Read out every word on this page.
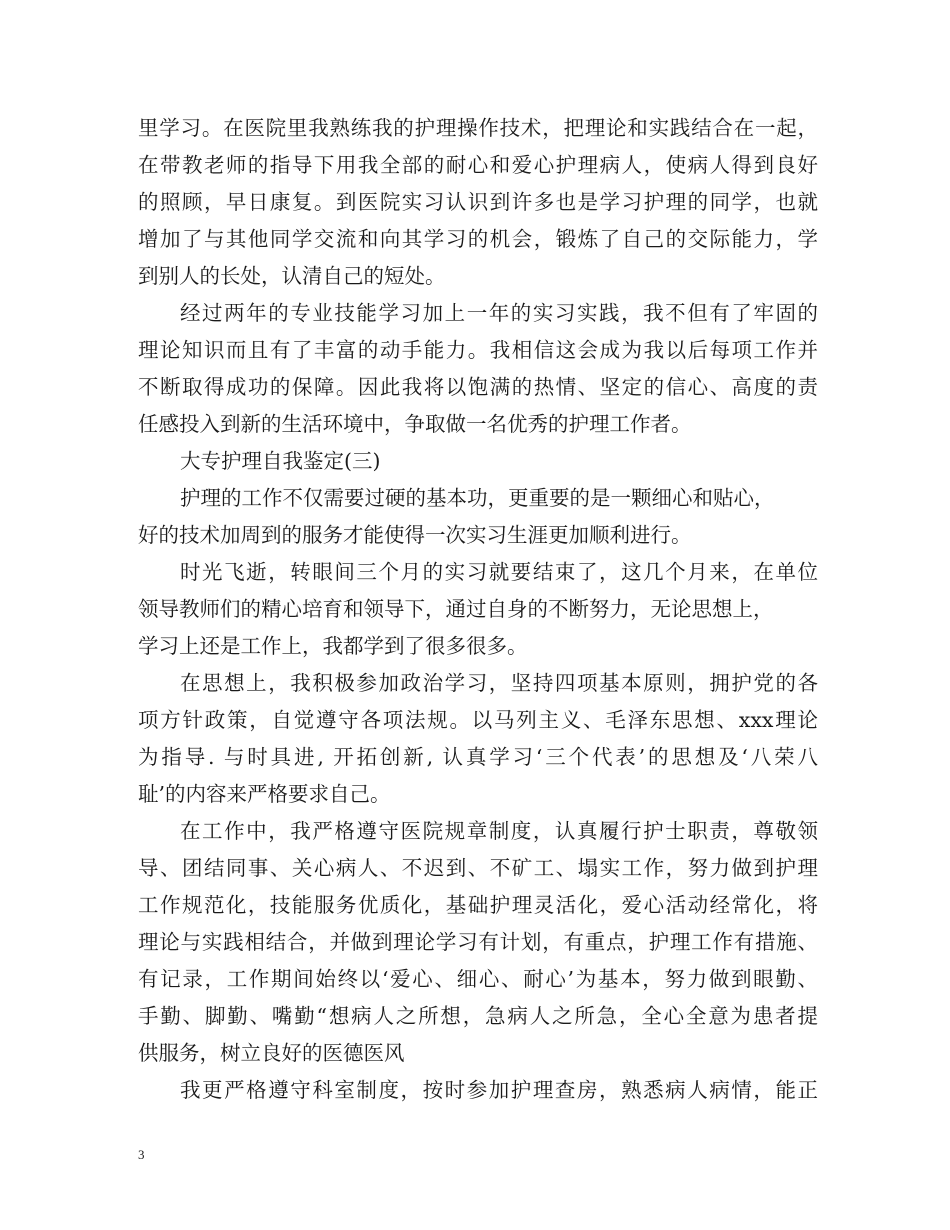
里学习。在医院里我熟练我的护理操作技术，把理论和实践结合在一起，
在带教老师的指导下用我全部的耐心和爱心护理病人，使病人得到良好
的照顾，早日康复。到医院实习认识到许多也是学习护理的同学，也就
增加了与其他同学交流和向其学习的机会，锻炼了自己的交际能力，学
到别人的长处，认清自己的短处。
经过两年的专业技能学习加上一年的实习实践，我不但有了牢固的
理论知识而且有了丰富的动手能力。我相信这会成为我以后每项工作并
不断取得成功的保障。因此我将以饱满的热情、坚定的信心、高度的责
任感投入到新的生活环境中，争取做一名优秀的护理工作者。
大专护理自我鉴定(三)
护理的工作不仅需要过硬的基本功，更重要的是一颗细心和贴心，
好的技术加周到的服务才能使得一次实习生涯更加顺利进行。
时光飞逝，转眼间三个月的实习就要结束了，这几个月来，在单位
领导教师们的精心培育和领导下，通过自身的不断努力，无论思想上，
学习上还是工作上，我都学到了很多很多。
在思想上，我积极参加政治学习，坚持四项基本原则，拥护党的各
项方针政策，自觉遵守各项法规。以马列主义、毛泽东思想、xxx理论
为指导. 与时具进, 开拓创新, 认真学习‘三个代表’的思想及‘八荣八
耻’的内容来严格要求自己。
在工作中，我严格遵守医院规章制度，认真履行护士职责，尊敬领
导、团结同事、关心病人、不迟到、不矿工、塌实工作，努力做到护理
工作规范化，技能服务优质化，基础护理灵活化，爱心活动经常化，将
理论与实践相结合，并做到理论学习有计划，有重点，护理工作有措施、
有记录，工作期间始终以‘爱心、细心、耐心’为基本，努力做到眼勤、
手勤、脚勤、嘴勤“想病人之所想，急病人之所急，全心全意为患者提
供服务，树立良好的医德医风
我更严格遵守科室制度，按时参加护理查房，熟悉病人病情，能正
3
